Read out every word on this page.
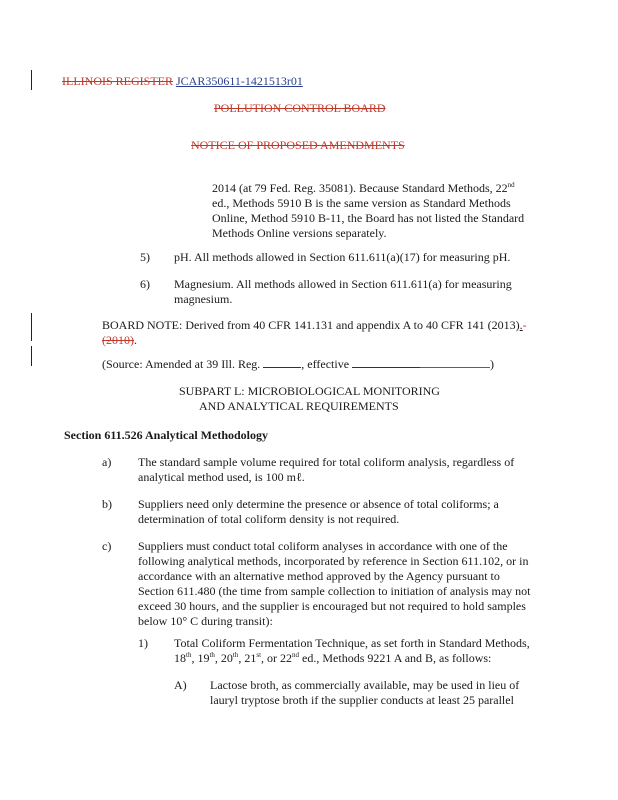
ILLINOIS REGISTER JCAR350611-1421513r01
POLLUTION CONTROL BOARD
NOTICE OF PROPOSED AMENDMENTS
2014 (at 79 Fed. Reg. 35081). Because Standard Methods, 22nd
ed., Methods 5910 B is the same version as Standard Methods
Online, Method 5910 B-11, the Board has not listed the Standard
Methods Online versions separately.
5) pH. All methods allowed in Section 611.611(a)(17) for measuring pH.
6) Magnesium. All methods allowed in Section 611.611(a) for measuring
magnesium.
BOARD NOTE: Derived from 40 CFR 141.131 and appendix A to 40 CFR 141 (2013).-
(2010).
(Source: Amended at 39 Ill. Reg.	, effective	)
SUBPART L: MICROBIOLOGICAL MONITORING
AND ANALYTICAL REQUIREMENTS
Section 611.526 Analytical Methodology
a) The standard sample volume required for total coliform analysis, regardless of
analytical method used, is 100 mℓ.
b) Suppliers need only determine the presence or absence of total coliforms; a
determination of total coliform density is not required.
c) Suppliers must conduct total coliform analyses in accordance with one of the
following analytical methods, incorporated by reference in Section 611.102, or in
accordance with an alternative method approved by the Agency pursuant to
Section 611.480 (the time from sample collection to initiation of analysis may not
exceed 30 hours, and the supplier is encouraged but not required to hold samples
below 10° C during transit):
1) Total Coliform Fermentation Technique, as set forth in Standard Methods,
18th, 19th, 20th, 21st, or 22nd ed., Methods 9221 A and B, as follows:
A) Lactose broth, as commercially available, may be used in lieu of
lauryl tryptose broth if the supplier conducts at least 25 parallel
